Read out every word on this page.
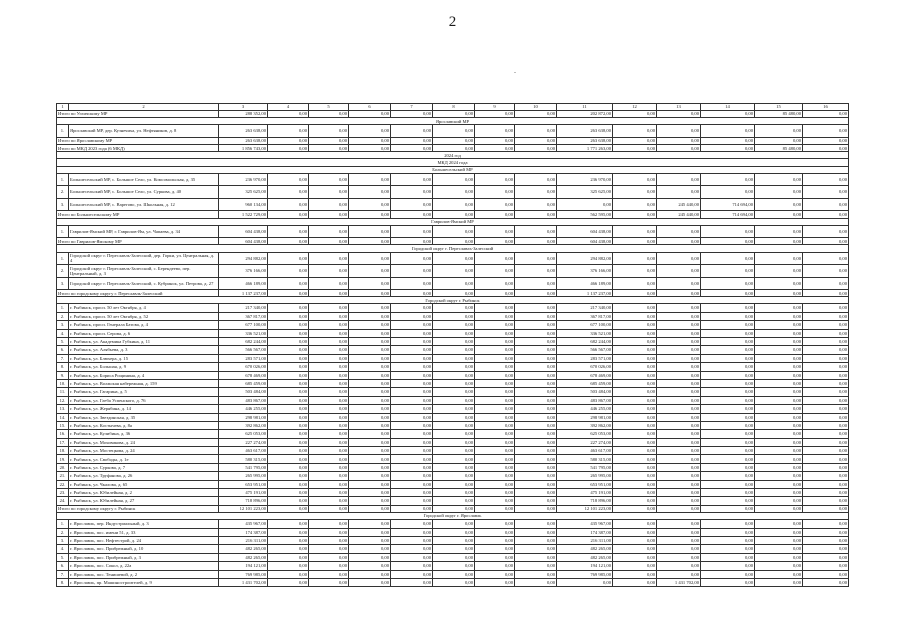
2
.
1	2	3	4	5	6	7	8	9	10	11	12	13	14	15	16
Итого по Угличскому МР		288 352,00	0,00	0,00	0,00	0,00	0,00	0,00	0,00	202 872,00	0,00	0,00	0,00	85 480,00	0,00
Ярославский МР															
1.	Ярославский МР, дер. Кузнечиха, ул. Нефтяников, д. 8	263 638,00	0,00	0,00	0,00	0,00	0,00	0,00	0,00	263 638,00	0,00	0,00	0,00	0,00	0,00
Итого по Ярославскому МР		263 638,00	0,00	0,00	0,00	0,00	0,00	0,00	0,00	263 638,00	0,00	0,00	0,00	0,00	0,00
Итого по МКД 2023 года (6 МКД)		1 856 743,00	0,00	0,00	0,00	0,00	0,00	0,00	0,00	1 771 263,00	0,00	0,00	0,00	85 480,00	0,00
2024 год															
МКД 2024 года															
Большесельский МР															
1.	Большесельский МР, с. Большое Село, ул. Комсомольская, д. 35	236 970,00	0,00	0,00	0,00	0,00	0,00	0,00	0,00	236 970,00	0,00	0,00	0,00	0,00	0,00
2.	Большесельский МР, с. Большое Село, ул. Суркова, д. 40	325 625,00	0,00	0,00	0,00	0,00	0,00	0,00	0,00	325 625,00	0,00	0,00	0,00	0,00	0,00
3.	Большесельский МР, с. Варегово, ул. Школьная, д. 12	960 134,00	0,00	0,00	0,00	0,00	0,00	0,00	0,00	0,00	0,00	245 440,00	714 694,00	0,00	0,00
Итого по Большесельскому МР		1 522 729,00	0,00	0,00	0,00	0,00	0,00	0,00	0,00	562 595,00	0,00	245 440,00	714 694,00	0,00	0,00
Гаврилов-Ямский МР															
1.	Гаврилов-Ямский МР, г. Гаврилов-Ям, ул. Чапаева, д. 34	604 438,00	0,00	0,00	0,00	0,00	0,00	0,00	0,00	604 438,00	0,00	0,00	0,00	0,00	0,00
Итого по Гаврилов-Ямскому МР		604 438,00	0,00	0,00	0,00	0,00	0,00	0,00	0,00	604 438,00	0,00	0,00	0,00	0,00	0,00
Городской округ г. Переславль-Залесский															
1.	Городской округ г. Переславль-Залесский, дер. Горки, ул. Центральная, д. 4	294 882,00	0,00	0,00	0,00	0,00	0,00	0,00	0,00	294 882,00	0,00	0,00	0,00	0,00	0,00
2.	Городской округ г. Переславль-Залесский, с. Берендеево, пер. Центральный, д. 3	376 166,00	0,00	0,00	0,00	0,00	0,00	0,00	0,00	376 166,00	0,00	0,00	0,00	0,00	0,00
3.	Городской округ г. Переславль-Залесский, с. Кубринск, ул. Петрова, д. 27	466 189,00	0,00	0,00	0,00	0,00	0,00	0,00	0,00	466 189,00	0,00	0,00	0,00	0,00	0,00
Итого по городскому округу г. Переславль-Залесский		1 137 237,00	0,00	0,00	0,00	0,00	0,00	0,00	0,00	1 137 237,00	0,00	0,00	0,00	0,00	0,00
Городской округ г. Рыбинск															
1.	г. Рыбинск, просп. 50 лет Октября, д. 4	217 340,00	0,00	0,00	0,00	0,00	0,00	0,00	0,00	217 340,00	0,00	0,00	0,00	0,00	0,00
2.	г. Рыбинск, просп. 50 лет Октября, д. 52	367 817,00	0,00	0,00	0,00	0,00	0,00	0,00	0,00	367 817,00	0,00	0,00	0,00	0,00	0,00
3.	г. Рыбинск, просп. Генерала Батова, д. 4	677 100,00	0,00	0,00	0,00	0,00	0,00	0,00	0,00	677 100,00	0,00	0,00	0,00	0,00	0,00
4.	г. Рыбинск, просп. Серова, д. 6	336 521,00	0,00	0,00	0,00	0,00	0,00	0,00	0,00	336 521,00	0,00	0,00	0,00	0,00	0,00
5.	г. Рыбинск, ул. Академика Губкина, д. 11	682 244,00	0,00	0,00	0,00	0,00	0,00	0,00	0,00	682 244,00	0,00	0,00	0,00	0,00	0,00
6.	г. Рыбинск, ул. Алябьева, д. 3	566 567,00	0,00	0,00	0,00	0,00	0,00	0,00	0,00	566 567,00	0,00	0,00	0,00	0,00	0,00
7.	г. Рыбинск, ул. Блюхера, д. 15	283 571,00	0,00	0,00	0,00	0,00	0,00	0,00	0,00	283 571,00	0,00	0,00	0,00	0,00	0,00
8.	г. Рыбинск, ул. Большая, д. 9	670 026,00	0,00	0,00	0,00	0,00	0,00	0,00	0,00	670 026,00	0,00	0,00	0,00	0,00	0,00
9.	г. Рыбинск, ул. Бориса Рощинина, д. 4	678 469,00	0,00	0,00	0,00	0,00	0,00	0,00	0,00	678 469,00	0,00	0,00	0,00	0,00	0,00
10.	г. Рыбинск, ул. Волжская набережная, д. 159	685 459,00	0,00	0,00	0,00	0,00	0,00	0,00	0,00	685 459,00	0,00	0,00	0,00	0,00	0,00
11.	г. Рыбинск, ул. Гагарина, д. 5	503 484,00	0,00	0,00	0,00	0,00	0,00	0,00	0,00	503 484,00	0,00	0,00	0,00	0,00	0,00
12.	г. Рыбинск, ул. Глеба Успенского, д. 76	483 867,00	0,00	0,00	0,00	0,00	0,00	0,00	0,00	483 867,00	0,00	0,00	0,00	0,00	0,00
13.	г. Рыбинск, ул. Жерябина, д. 14	446 255,00	0,00	0,00	0,00	0,00	0,00	0,00	0,00	446 255,00	0,00	0,00	0,00	0,00	0,00
14.	г. Рыбинск, ул. Звездинская, д. 35	298 981,00	0,00	0,00	0,00	0,00	0,00	0,00	0,00	298 981,00	0,00	0,00	0,00	0,00	0,00
15.	г. Рыбинск, ул. Костычева, д. 8а	392 862,00	0,00	0,00	0,00	0,00	0,00	0,00	0,00	392 862,00	0,00	0,00	0,00	0,00	0,00
16.	г. Рыбинск, ул. Кулибина, д. 36	625 053,00	0,00	0,00	0,00	0,00	0,00	0,00	0,00	625 053,00	0,00	0,00	0,00	0,00	0,00
17.	г. Рыбинск, ул. Моховикова, д. 24	227 274,00	0,00	0,00	0,00	0,00	0,00	0,00	0,00	227 274,00	0,00	0,00	0,00	0,00	0,00
18.	г. Рыбинск, ул. Мостецкова, д. 24	463 617,00	0,00	0,00	0,00	0,00	0,00	0,00	0,00	463 617,00	0,00	0,00	0,00	0,00	0,00
19.	г. Рыбинск, ул. Свободы, д. 1е	580 315,00	0,00	0,00	0,00	0,00	0,00	0,00	0,00	580 315,00	0,00	0,00	0,00	0,00	0,00
20.	г. Рыбинск, ул. Суркова, д. 7	541 795,00	0,00	0,00	0,00	0,00	0,00	0,00	0,00	541 795,00	0,00	0,00	0,00	0,00	0,00
21.	г. Рыбинск, ул. Труфанова, д. 26	265 995,00	0,00	0,00	0,00	0,00	0,00	0,00	0,00	265 995,00	0,00	0,00	0,00	0,00	0,00
22.	г. Рыбинск, ул. Чкалова, д. 65	653 951,00	0,00	0,00	0,00	0,00	0,00	0,00	0,00	653 951,00	0,00	0,00	0,00	0,00	0,00
23.	г. Рыбинск, ул. Юбилейная, д. 2	475 191,00	0,00	0,00	0,00	0,00	0,00	0,00	0,00	475 191,00	0,00	0,00	0,00	0,00	0,00
24.	г. Рыбинск, ул. Юбилейная, д. 27	718 896,00	0,00	0,00	0,00	0,00	0,00	0,00	0,00	718 896,00	0,00	0,00	0,00	0,00	0,00
Итого по городскому округу г. Рыбинск		12 101 223,00	0,00	0,00	0,00	0,00	0,00	0,00	0,00	12 101 223,00	0,00	0,00	0,00	0,00	0,00
Городской округ г. Ярославль															
1.	г. Ярославль, пер. Индустриальный, д. 3	435 967,00	0,00	0,00	0,00	0,00	0,00	0,00	0,00	435 967,00	0,00	0,00	0,00	0,00	0,00
2.	г. Ярославль, пос. имени 51, д. 33	174 387,00	0,00	0,00	0,00	0,00	0,00	0,00	0,00	174 387,00	0,00	0,00	0,00	0,00	0,00
3.	г. Ярославль, пос. Нефтестрой, д. 24	216 311,00	0,00	0,00	0,00	0,00	0,00	0,00	0,00	216 311,00	0,00	0,00	0,00	0,00	0,00
4.	г. Ярославль, пос. Прибрежный, д. 10	482 265,00	0,00	0,00	0,00	0,00	0,00	0,00	0,00	482 265,00	0,00	0,00	0,00	0,00	0,00
5.	г. Ярославль, пос. Прибрежный, д. 3	482 265,00	0,00	0,00	0,00	0,00	0,00	0,00	0,00	482 265,00	0,00	0,00	0,00	0,00	0,00
6.	г. Ярославль, пос. Сокол, д. 22а	194 121,00	0,00	0,00	0,00	0,00	0,00	0,00	0,00	194 121,00	0,00	0,00	0,00	0,00	0,00
7.	г. Ярославль, пос. Тенишевой, д. 2	769 985,00	0,00	0,00	0,00	0,00	0,00	0,00	0,00	769 985,00	0,00	0,00	0,00	0,00	0,00
8.	г. Ярославль, пр. Машиностроителей, д. 9	1 431 702,00	0,00	0,00	0,00	0,00	0,00	0,00	0,00	0,00	0,00	1 431 702,00	0,00	0,00	0,00
